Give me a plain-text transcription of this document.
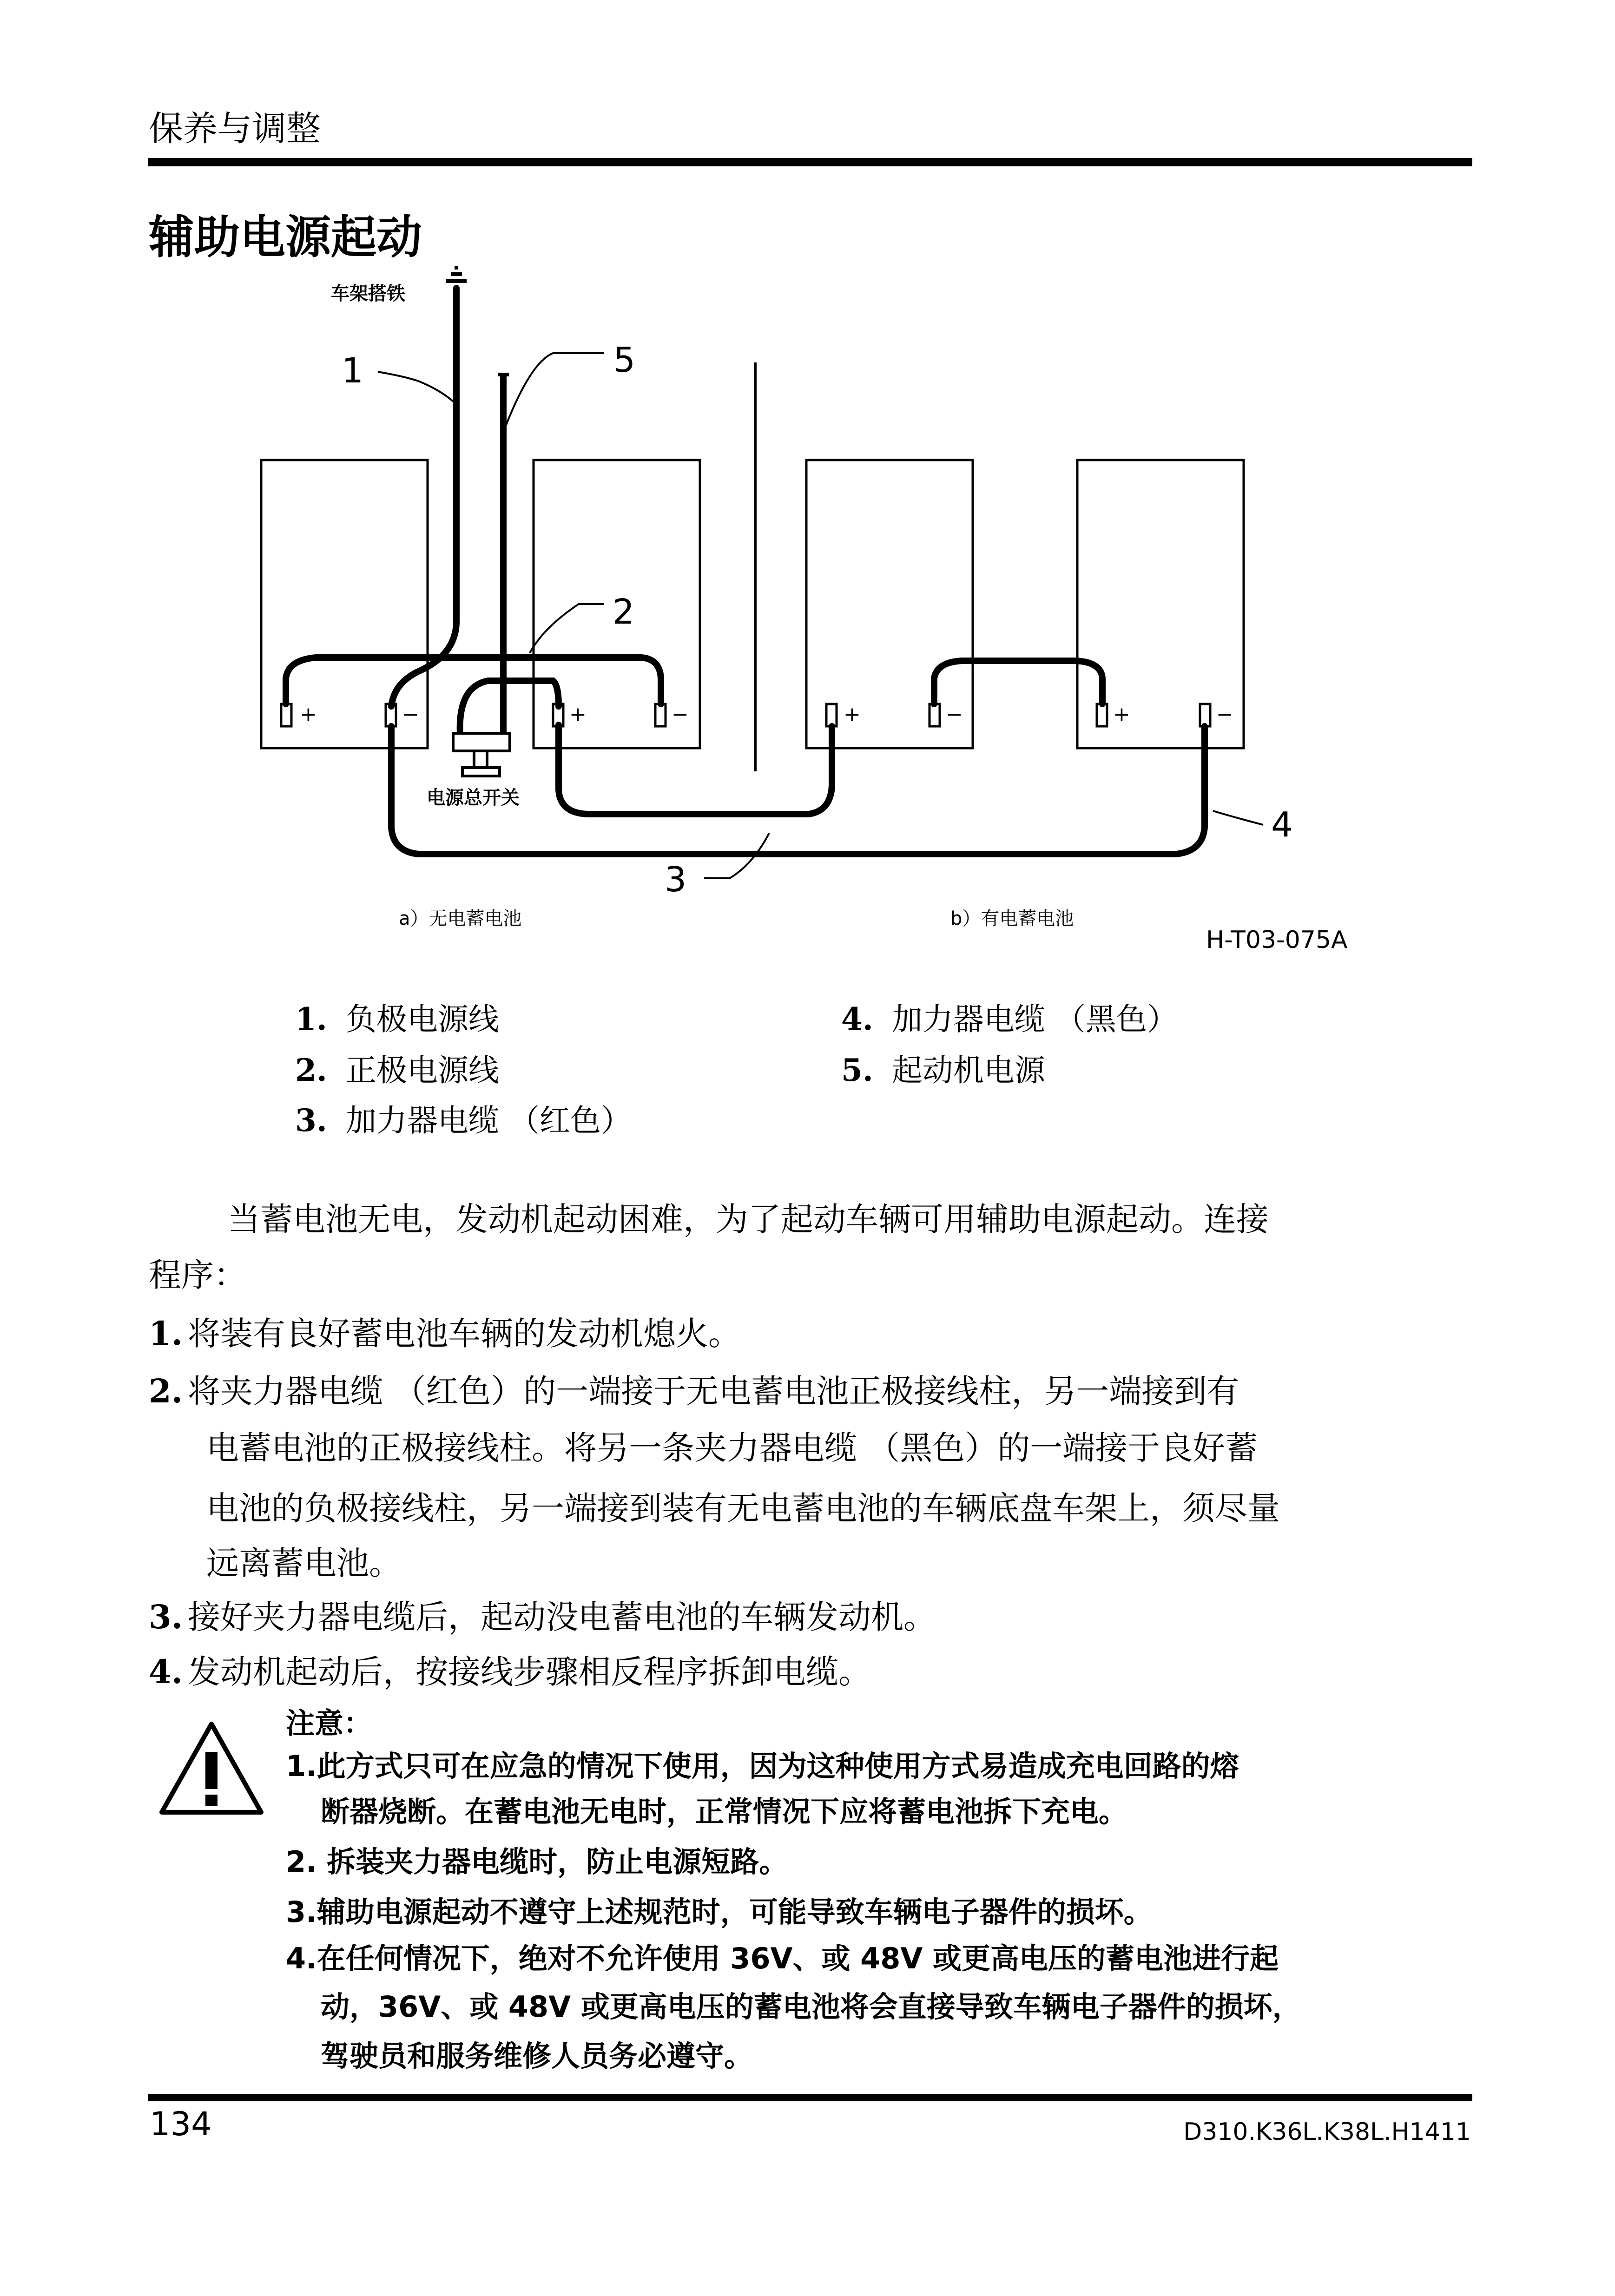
保养与调整
辅助电源起动
+	−	+	−	+	−	+	−
1	5
2
3
4
车架搭铁
电源总开关
a）无电蓄电池	b）有电蓄电池
H-T03-075A
1. 负极电源线
2. 正极电源线
3. 加力器电缆 （红色）
4. 加力器电缆 （黑色）
5. 起动机电源
当蓄电池无电，发动机起动困难，为了起动车辆可用辅助电源起动。连接
程序：
1. 将装有良好蓄电池车辆的发动机熄火。
2. 将夹力器电缆 （红色）的一端接于无电蓄电池正极接线柱，另一端接到有
电蓄电池的正极接线柱。将另一条夹力器电缆 （黑色）的一端接于良好蓄
电池的负极接线柱，另一端接到装有无电蓄电池的车辆底盘车架上，须尽量
远离蓄电池。
3. 接好夹力器电缆后，起动没电蓄电池的车辆发动机。
4. 发动机起动后，按接线步骤相反程序拆卸电缆。
注意：
1.此方式只可在应急的情况下使用，因为这种使用方式易造成充电回路的熔
断器烧断。在蓄电池无电时，正常情况下应将蓄电池拆下充电。
2. 拆装夹力器电缆时，防止电源短路。
3.辅助电源起动不遵守上述规范时，可能导致车辆电子器件的损坏。
4.在任何情况下，绝对不允许使用 36V、或 48V 或更高电压的蓄电池进行起
动，36V、或 48V 或更高电压的蓄电池将会直接导致车辆电子器件的损坏，
驾驶员和服务维修人员务必遵守。
134	D310.K36L.K38L.H1411
